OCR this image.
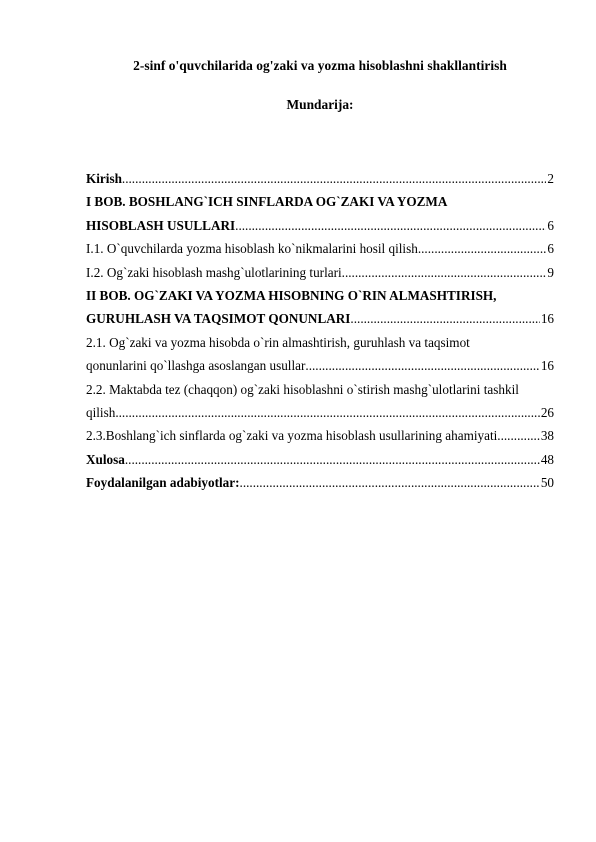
2-sinf o'quvchilarida og'zaki va yozma hisoblashni shakllantirish
Mundarija:
Kirish .....	2
I BOB. BOSHLANG`ICH SINFLARDA OG`ZAKI VA YOZMA
HISOBLASH USULLARI .....	6
I.1. O`quvchilarda yozma hisoblash ko`nikmalarini hosil qilish. .....	6
I.2. Og`zaki hisoblash mashg`ulotlarining turlari. .....	9
II BOB. OG`ZAKI VA YOZMA HISOBNING O`RIN ALMASHTIRISH,
GURUHLASH VA TAQSIMOT QONUNLARI .....	16
2.1. Og`zaki va yozma hisobda o`rin almashtirish, guruhlash va taqsimot
qonunlarini qo`llashga asoslangan usullar .....	16
2.2. Maktabda tez (chaqqon) og`zaki hisoblashni o`stirish mashg`ulotlarini tashkil
qilish .....	26
2.3.Boshlang`ich sinflarda og`zaki va yozma hisoblash usullarining ahamiyati .....	38
Xulosa .....	48
Foydalanilgan adabiyotlar: .....	50
